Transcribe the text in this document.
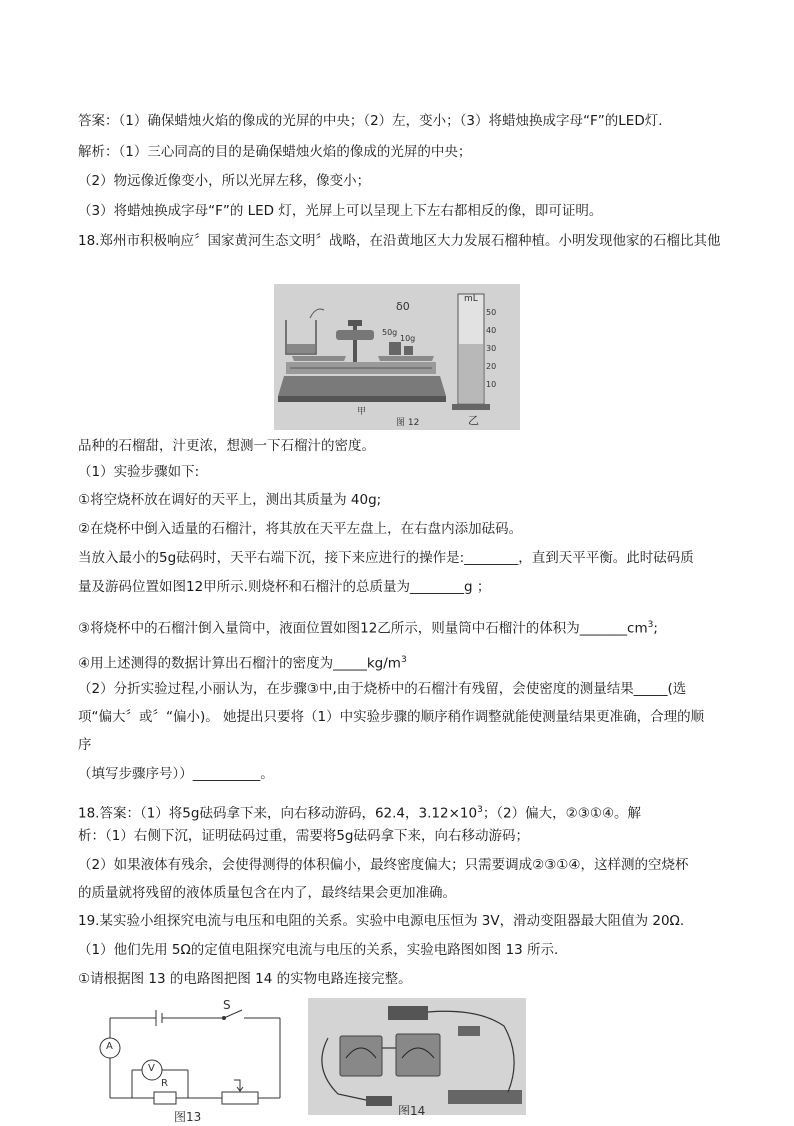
答案：（1）确保蜡烛火焰的像成的光屏的中央；（2）左，变小；（3）将蜡烛换成字母“F”的LED灯.
解析：（1）三心同高的目的是确保蜡烛火焰的像成的光屏的中央；
（2）物远像近像变小，所以光屏左移，像变小；
（3）将蜡烛换成字母“F”的 LED 灯，光屏上可以呈现上下左右都相反的像，即可证明。
18.郑州市积极响应〞国家黄河生态文明〞战略，在沿黄地区大力发展石榴种植。小明发现他家的石榴比其他
mL
50
40
30
20
10
50g
10g
δ0
甲
乙
图 12
品种的石榴甜，汁更浓，想测一下石榴汁的密度。
（1）实验步骤如下:
①将空烧杯放在调好的天平上，测出其质量为 40g;
②在烧杯中倒入适量的石榴汁，将其放在天平左盘上，在右盘内添加砝码。
当放入最小的5g砝码时，天平右端下沉，接下来应进行的操作是:________，直到天平平衡。此时砝码质
量及游码位置如图12甲所示.则烧杯和石榴汁的总质量为________g ；
③将烧杯中的石榴汁倒入量筒中，液面位置如图12乙所示，则量筒中石榴汁的体积为$\_\_\_\_\_\_\_cm^3$;
④用上述测得的数据计算出石榴汁的密度为$\_\_\_\_\_kg/m^3$
（2）分折实验过程,小丽认为，在步骤③中,由于烧桥中的石榴汁有残留，会使密度的测量结果_____(选
项“偏大〞或〞“偏小)。 她提出只要将（1）中实验步骤的顺序稍作调整就能使测量结果更准确，合理的顺
序
（填写步骤序号））__________。
18.答案：（1）将5g砝码拿下来，向右移动游码，62.4，$3.12\times 10^3$；（2）偏大，②③①④。解
析：（1）右侧下沉，证明砝码过重，需要将5g砝码拿下来，向右移动游码；
（2）如果液体有残余，会使得测得的体积偏小，最终密度偏大；只需要调成②③①④，这样测的空烧杯
的质量就将残留的液体质量包含在内了，最终结果会更加准确。
19.某实验小组探究电流与电压和电阻的关系。实验中电源电压恒为 3V，滑动变阻器最大阻值为 20Ω.
（1）他们先用 5Ω的定值电阻探究电流与电压的关系，实验电路图如图 13 所示.
①请根据图 13 的电路图把图 14 的实物电路连接完整。
S
A
V
R
图13	图14
